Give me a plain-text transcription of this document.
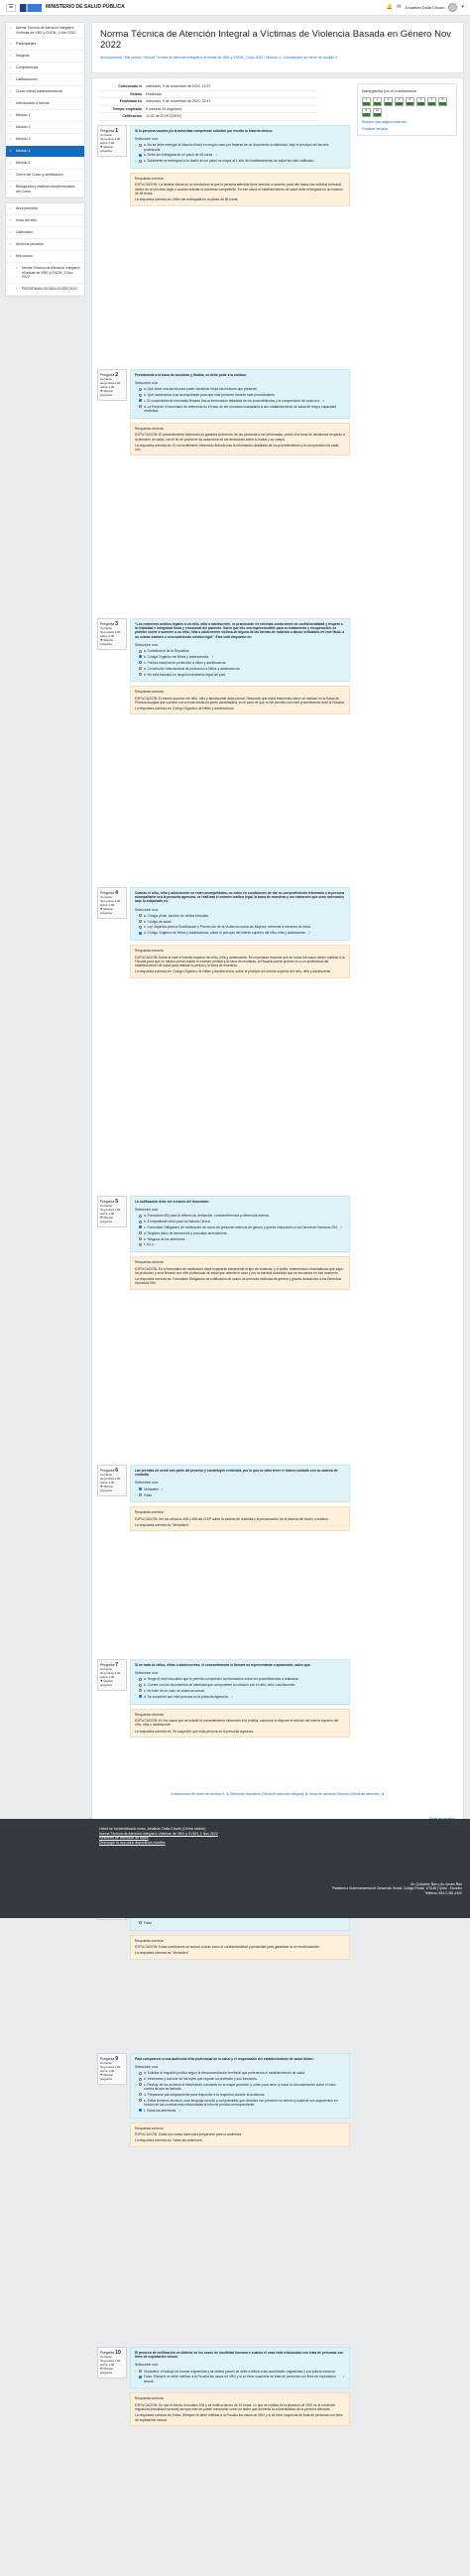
☰	MINISTERIO DE SALUD PÚBLICA	🔔 ✉ Jonathan Dalla Chocin	▾
▪	Norma Técnica de Atención Integral a Víctimas de VBG y GVDN_1 Nov 2022
▪	Participantes
▪	Insignias
▪	Competencias
▪	Calificaciones
▪	Curso virtual autoinstruccional
▪	Introducción a Norma
▪	Módulo 1
▪	Módulo 2
▪	Módulo 3
▪	Módulo 4
▪	Módulo 5
▪	Cierre del Curso y certificación
▪	Bibliografía y material complementario del Curso
▪	Área personal
▪	Inicio del sitio
▪	Calendario
▪	Archivos privados
▪	Mis cursos
▪	Norma Técnica de Atención Integral a Víctimas de VBG y GVDN_1 Nov 2022
▪	PROGRAMA DE INDUCCIÓN 2019
Norma Técnica de Atención Integral a Víctimas de Violencia Basada en Género Nov 2022
Área personal/Mis cursos/Norma Técnica de Atención Integral a Víctimas de VBG y GVDN_1 Nov 2022/Módulo 4/Cuestionario de cierre de módulo 4
Comenzado el	miércoles, 9 de noviembre de 2022, 13:37
Estado	Finalizado
Finalizado en	miércoles, 9 de noviembre de 2022, 13:47
Tiempo empleado	9 minutos 34 segundos
Calificación	10,00 de 10,00 (100%)
Pregunta 1
Correcta
Se puntúa 1,00 sobre 1,00
⚑ Marcar pregunta
Si la persona usuaria y/o la autoridad competente solicitan por escrito la historia clínica:
Seleccione una:
a. No se debe entregar la historia clínica en ningún caso por tratarse de un documento confidencial, bajo el principio del secreto profesional.
b. Debe ser entregada en un plazo de 48 horas. ✓
c. Solamente se entregará a su dueño en un plazo no mayor al 1 año del establecimiento de salud fue sido notificado.
Respuesta correcta
EXPLICACIÓN: La historia clínica es un documento al que la persona atendida tiene derecho a acceder, para ello basta una solicitud personal, dentro de un proceso legal o cuando solicitar la autoridad competente. En ese casos el establecimiento de salud debe entregarla en un máximo de 48 horas.
La respuesta correcta es: Debe ser entregada en un plazo de 48 horas.
Pregunta 2
Correcta
Se puntúa 1,00 sobre 1,00
⚑ Marcar pregunta
Previamente a la toma de muestras y fluidos, se debe pedir a la víctima:
Seleccione una:
a. Que tome una ducha para poder identificar mejor las lesiones que presente.
b. Que nombramos a su acompañante para que esté presente durante este procedimiento.
c. El consentimiento informado firmado tras la información detallada de los procedimientos y la comprensión de cada uno. ✓
d. La firma en el formulario de referencia en el caso de ser necesario trasladarla a otro establecimiento de salud de mayor capacidad resolutiva.
Respuesta correcta
EXPLICACIÓN: El consentimiento informado es garantía al derecho de las personas a ser informadas, previo a la toma de decisiones respecto a la atención de salud, con el fin de promover su autonomía en las decisiones sobre su salud y su cuerpo.
La respuesta correcta es: El consentimiento informado firmado tras la información detallada de los procedimientos y la comprensión de cada uno.
Pregunta 3
Correcta
Se puntúa 1,00 sobre 1,00
⚑ Marcar pregunta
“Los exámenes médico legales a un niño, niña o adolescente, se practicarán en estrictas condiciones de confidencialidad y respeto a la intimidad e integridad física y emocional del paciente. Salvo que ello sea imprescindible para su tratamiento y recuperación, se prohíbe volver a someter a un niño, niña o adolescente víctima de alguna de las formas de maltrato o abuso señalados en este título, a un mismo examen o reconocimiento médico legal”. Este está dispuesto en:
Seleccione una:
a. Constitución de la República.
b. Código Orgánico de Niñez y adolescencia. ✓
c. Política nacional de protección a niñez y adolescencia.
d. Convención Internacional de protección a Niñez y adolescencia.
e. No está indicado en ningún instrumento legal del país.
Respuesta correcta
EXPLICACIÓN: El interés superior del niño, niña y adolescente debe primar. Recuerde que estos exámenes sobre se realizan en la Salas de Primera Acogida que cuenten con un/una médico/a perito acreditado/a, en el caso de que no se cuenten con este procedimiento ante la Fiscalía.
La respuesta correcta es: Código Orgánico de Niñez y adolescencia.
Pregunta 4
Correcta
Se puntúa 1,00 sobre 1,00
⚑ Marcar pregunta
Cuando el niño, niña y adolescente no estén acompañados, no estén en condiciones de dar su consentimiento informado o la persona acompañante sea la presunta agresora, se realizará el examen médico legal, la toma de muestras y los exámenes que sean necesarios bajo lo estipulado en:
Seleccione una:
a. Código penal, sección de delitos sexuales.
b. Código de salud.
c. Ley Orgánica para la Erradicación y Prevención de la Violencia contra las Mujeres, referente a menores de edad.
d. Código Orgánico de Niñez y Adolescencia, sobre el principio del interés superior del niño, niña y adolescente. ✓
Respuesta correcta
EXPLICACIÓN: Sobre el nivel el interés superior del niño, niña y adolescente. Es importante recordar que en todos los casos deben notificar a la Fiscalía para que un médico perito realice el examen pericial y la toma de muestras, la Fiscalía puede proveer en a un profesional del establecimiento de salud para realizar la pericia y la toma de muestras.
La respuesta correcta es: Código Orgánico de Niñez y Adolescencia, sobre el principio del interés superior del niño, niña y adolescente.
Pregunta 5
Correcta
Se puntúa 1,00 sobre 1,00
⚑ Marcar pregunta
La notificación debe ser a través del formulario:
Seleccione una:
a. Formulario 053 para la referencia, derivación, contrarreferencia y referencia inversa.
b. El expediente único para la Historia Clínica.
c. Formulario Obligatorio de notificación de casos de presunta violencia de género y graves violaciones a los Derechos Humanos 094. ✓
d. Registro diario de atenciones y consultas ambulatorias.
e. Ninguna de las anteriores.
f. a y c.
Respuesta correcta
EXPLICACIÓN: En el formulario de notificación debe explicarse claramente el tipo de violencia, y el delito, enfermedad o traumatismo que vaya ha producido y será firmado con el/la profesional de salud que atendió el caso y por la máxima autoridad que se encuentra en ese momento.
La respuesta correcta es: Formulario Obligatorio de notificación de casos de presunta violencia de género y graves violaciones a los Derechos Humanos 094.
Pregunta 6
Correcta
Se puntúa 1,00 sobre 1,00
⚑ Marcar pregunta
Las prendas de vestir son parte del proceso y constituyen evidencia, por lo que se debe tener el mismo cuidado con su cadena de custodia.
Seleccione una:
Verdadero ✓
Falso
Respuesta correcta
EXPLICACIÓN: Ver los artículos 456 y 458 del COIP sobre la cadena de custodia y la preservación de la escena del hecho o indicios.
La respuesta correcta es "Verdadero"
Pregunta 7
Correcta
Se puntúa 1,00 sobre 1,00
⚑ Marcar pregunta
Si se trata de niños, niñas o adolescentes, el consentimiento lo firmará su representante o apoderado, salvo que:
Seleccione una:
a. Tenga el nivel educativo que le permita comprender la información sobre los procedimientos a realizarse.
b. Cuente con los documentos de identidad que comprueben su relación con el niño, niña o adolescente.
c. Se trate de un caso de violencia sexual.
d. Se sospeche que esta persona es la presunta agresora. ✓
Respuesta correcta
EXPLICACIÓN: En los casos que se solicite el consentimiento informado a la víctima, conforme lo dispone el artículo del interés superior del niño, niña o adolescente.
La respuesta correcta es: Se sospeche que esta persona es la presunta agresora.
Falso
Respuesta correcta
EXPLICACIÓN: Estas condiciones se suman a otras como la confidencialidad y privacidad para garantizar la no revictimización.
La respuesta correcta es "Verdadero"
Pregunta 9
Correcta
Se puntúa 1,00 sobre 1,00
⚑ Marcar pregunta
Para comparecer a una audiencia el/la profesional de la salud y el responsable del establecimiento de salud deben:
Seleccione una:
a. Solicitar al respaldo jurídico según la desconcentración territorial que pertenezca el establecimiento de salud.
b. Informarse y conocer de las leyes que regulan su profesión y sus funciones.
c. Revisar de los archivos la información constante en la mayor precisión y orden para tener a mano la documentación sobre el caso cuenta de que se llamado.
d. Prepararse psicológicamente para responder a la requerido durante la audiencia.
e. Evitar términos técnicos, usar lenguaje sencillo y comprensible que describa con precisión su criterio y sustente sus argumentos en función de las conclusiones relacionadas al informe pericial correspondiente.
f. Todas las anteriores. ✓
Respuesta correcta
EXPLICACIÓN: Estas son cosas clave para prepararse para la audiencia.
La respuesta correcta es: Todas las anteriores.
Pregunta 10
Correcta
Se puntúa 1,00 sobre 1,00
⚑ Marcar pregunta
El proceso de notificación es distinto en los casos de movilidad humana o cuando el caso está relacionado con trata de personas con fines de explotación sexual.
Seleccione una:
Verdadero: el trabajo de formas migratorias y de delitos graves se debe notificar a las autoridades migratorias y a la policía nacional.
Falso: Siempre se debe notificar a la Fiscalía los casos de VBG y si se tiene sospecha de trata de personas con fines de explotación sexual.
✓
Respuesta correcta
EXPLICACIÓN: Se usa el mismo formulario 094 y se notifica dentro de 24 horas. Lo que se notifica es la situación de VBG no la condición migratoria (movilidad humana) aunque este se puede mencionar como un factor que aumenta la vulnerabilidad de la persona afectada.
La respuesta correcta es: Falso: Siempre se debe notificar a la Fiscalía los casos de VBG y si se tiene sospecha de trata de personas con fines de explotación sexual.
Navegación por el cuestionario
1	2	3	4	5	6	7	8
9	10
Mostrar una página cada vez
Finalizar revisión
Cuestionario de cierre de módulo 4 ◄ Derechos Humanos (Tema de atención integral) ◄ Tema de atención Sección (Tema de atención) ►
Usted se ha identificado como Jonathan Dalla Chocin (Cerrar sesión)
Norma Técnica de Atención Integral a Víctimas de VBG y GVDN_1 Nov 2022
Resumen de retención de datos
Descargar la app para dispositivos móviles
Av. Quitumbe Ñan y Av. Amaru Ñan
Plataforma Gubernamental de Desarrollo Social. Código Postal: 170146 | Quito - Ecuador
Teléfono: 593-2-381-4400
